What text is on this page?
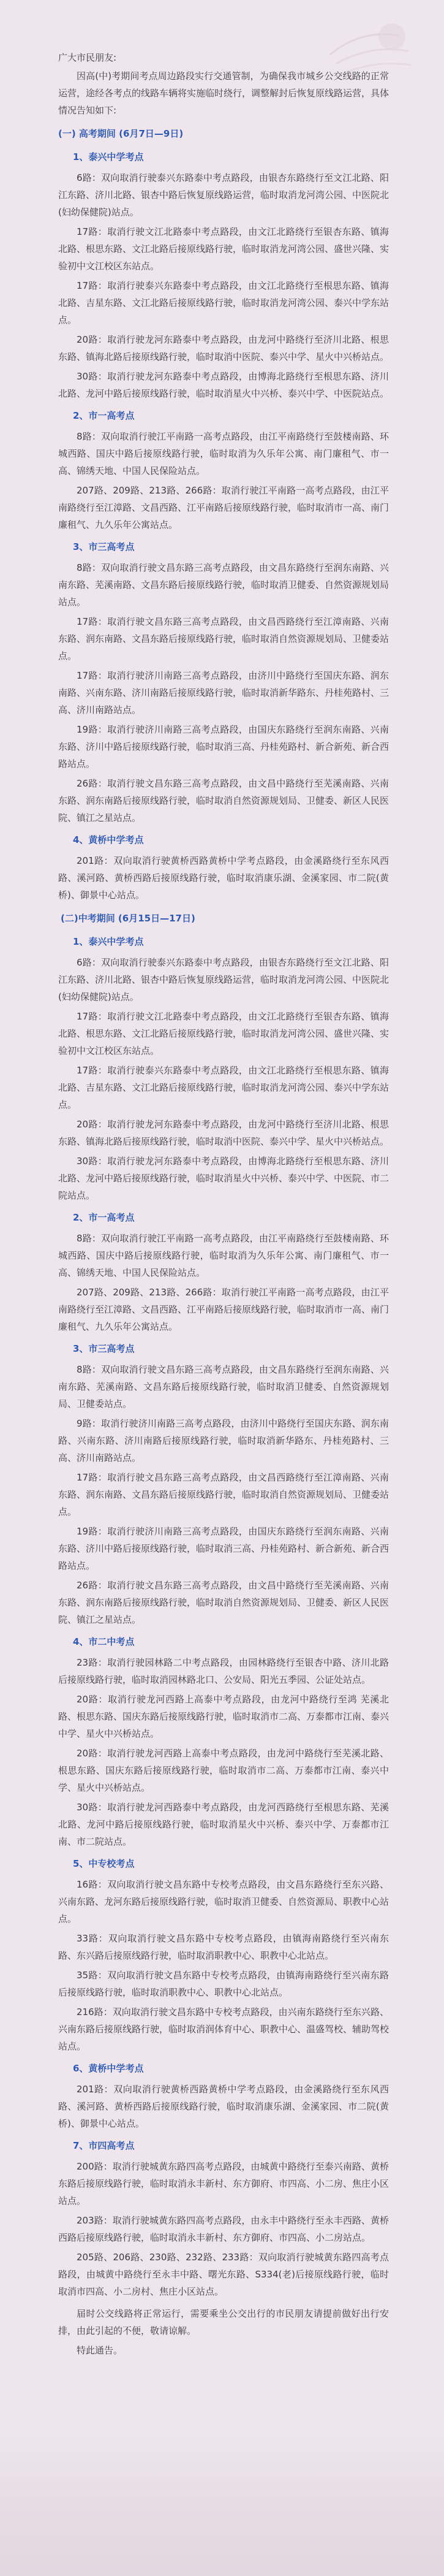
广大市民朋友:

因高(中)考期间考点周边路段实行交通管制，为确保我市城乡公交线路的正常运营，途经各考点的线路车辆将实施临时绕行，调整解封后恢复原线路运营，具体情况告知如下:

(一) 高考期间 (6月7日—9日)

1、泰兴中学考点

6路：双向取消行驶泰兴东路泰中考点路段，由银杏东路绕行至文江北路、阳江东路、济川北路、银杏中路后恢复原线路运营，临时取消龙河湾公园、中医院北(妇幼保健院)站点。

17路：取消行驶文江北路泰中考点路段，由文江北路绕行至银杏东路、镇海北路、根思东路、文江北路后接原线路行驶，临时取消龙河湾公园、盛世兴隆、实验初中文江校区东站点。

17路：取消行驶泰兴东路泰中考点路段，由文江北路绕行至根思东路、镇海北路、吉星东路、文江北路后接原线路行驶，临时取消龙河湾公园、泰兴中学东站点。

20路：取消行驶龙河东路泰中考点路段，由龙河中路绕行至济川北路、根思东路、镇海北路后接原线路行驶，临时取消中医院、泰兴中学、星火中兴桥站点。

30路：取消行驶龙河东路泰中考点路段，由博海北路绕行至根思东路、济川北路、龙河中路后接原线路行驶，临时取消星火中兴桥、泰兴中学、中医院站点。

2、市一高考点

8路：双向取消行驶江平南路一高考点路段，由江平南路绕行至鼓楼南路、环城西路、国庆中路后接原线路行驶，临时取消为久乐年公寓、南门廉租气、市一高、锦绣天地、中国人民保险站点。

207路、209路、213路、266路：取消行驶江平南路一高考点路段，由江平南路绕行至江漳路、文昌西路、江平南路后接原线路行驶，临时取消市一高、南门廉租气、九久乐年公寓站点。

3、市三高考点

8路：双向取消行驶文昌东路三高考点路段，由文昌东路绕行至润东南路、兴南东路、芜溪南路、文昌东路后接原线路行驶，临时取消卫健委、自然资源规划局站点。

17路：取消行驶文昌东路三高考点路段，由文昌西路绕行至江漳南路、兴南东路、润东南路、文昌东路后接原线路行驶，临时取消自然资源规划局、卫健委站点。

17路：取消行驶济川南路三高考点路段，由济川中路绕行至国庆东路、润东南路、兴南东路、济川南路后接原线路行驶，临时取消新华路东、丹桂苑路村、三高、济川南路站点。

19路：取消行驶济川南路三高考点路段，由国庆东路绕行至润东南路、兴南东路、济川中路后接原线路行驶，临时取消三高、丹桂苑路村、新合新苑、新合西路站点。

26路：取消行驶文昌东路三高考点路段，由文昌中路绕行至芜溪南路、兴南东路、润东南路后接原线路行驶，临时取消自然资源规划局、卫健委、新区人民医院、镇江之星站点。

4、黄桥中学考点

201路：双向取消行驶黄桥西路黄桥中学考点路段，由金溪路绕行至东风西路、溪河路、黄桥西路后接原线路行驶，临时取消康乐湖、金溪家园、市二院(黄桥)、御景中心站点。

(二)中考期间 (6月15日—17日)

1、泰兴中学考点

6路：双向取消行驶泰兴东路泰中考点路段，由银杏东路绕行至文江北路、阳江东路、济川北路、银杏中路后恢复原线路运营，临时取消龙河湾公园、中医院北(妇幼保健院)站点。

17路：取消行驶文江北路泰中考点路段，由文江北路绕行至银杏东路、镇海北路、根思东路、文江北路后接原线路行驶，临时取消龙河湾公园、盛世兴隆、实验初中文江校区东站点。

17路：取消行驶泰兴东路泰中考点路段，由文江北路绕行至根思东路、镇海北路、吉星东路、文江北路后接原线路行驶，临时取消龙河湾公园、泰兴中学东站点。

20路：取消行驶龙河东路泰中考点路段，由龙河中路绕行至济川北路、根思东路、镇海北路后接原线路行驶，临时取消中医院、泰兴中学、星火中兴桥站点。

30路：取消行驶龙河东路泰中考点路段，由博海北路绕行至根思东路、济川北路、龙河中路后接原线路行驶，临时取消星火中兴桥、泰兴中学、中医院、市二院站点。

2、市一高考点

8路：双向取消行驶江平南路一高考点路段，由江平南路绕行至鼓楼南路、环城西路、国庆中路后接原线路行驶，临时取消为久乐年公寓、南门廉租气、市一高、锦绣天地、中国人民保险站点。

207路、209路、213路、266路：取消行驶江平南路一高考点路段，由江平南路绕行至江漳路、文昌西路、江平南路后接原线路行驶，临时取消市一高、南门廉租气、九久乐年公寓站点。

3、市三高考点

8路：双向取消行驶文昌东路三高考点路段，由文昌东路绕行至润东南路、兴南东路、芜溪南路、文昌东路后接原线路行驶，临时取消卫健委、自然资源规划局、卫健委站点。

9路：取消行驶济川南路三高考点路段，由济川中路绕行至国庆东路、润东南路、兴南东路、济川南路后接原线路行驶，临时取消新华路东、丹桂苑路村、三高、济川南路站点。

17路：取消行驶文昌东路三高考点路段，由文昌西路绕行至江漳南路、兴南东路、润东南路、文昌东路后接原线路行驶，临时取消自然资源规划局、卫健委站点。

19路：取消行驶济川南路三高考点路段，由国庆东路绕行至润东南路、兴南东路、济川中路后接原线路行驶，临时取消三高、丹桂苑路村、新合新苑、新合西路站点。

26路：取消行驶文昌东路三高考点路段，由文昌中路绕行至芜溪南路、兴南东路、润东南路后接原线路行驶，临时取消自然资源规划局、卫健委、新区人民医院、镇江之星站点。

4、市二中考点

23路：取消行驶园林路二中考点路段，由园林路绕行至银杏中路、济川北路后接原线路行驶，临时取消园林路北口、公安局、阳光五季园、公证处站点。

20路：取消行驶龙河西路上高泰中考点路段，由龙河中路绕行至鸿 芜溪北路、根思东路、国庆东路后接原线路行驶，临时取消市二高、万泰都市江南、泰兴中学、星火中兴桥站点。

20路：取消行驶龙河西路上高泰中考点路段，由龙河中路绕行至芜溪北路、根思东路、国庆东路后接原线路行驶，临时取消市二高、万泰都市江南、泰兴中学、星火中兴桥站点。

30路：取消行驶龙河西路泰中考点路段，由龙河西路绕行至根思东路、芜溪北路、龙河中路后接原线路行驶，临时取消星火中兴桥、泰兴中学、万泰都市江南、市二院站点。

5、中专校考点

16路：双向取消行驶文昌东路中专校考点路段，由文昌东路绕行至东兴路、兴南东路、龙河东路后接原线路行驶，临时取消卫健委、自然资源局、职教中心站点。

33路：双向取消行驶文昌东路中专校考点路段，由镇海南路绕行至兴南东路、东兴路后接原线路行驶，临时取消职教中心、职教中心北站点。

35路：双向取消行驶文昌东路中专校考点路段，由镇海南路绕行至兴南东路后接原线路行驶，临时取消职教中心、职教中心北站点。

216路：双向取消行驶文昌东路中专校考点路段，由兴南东路绕行至东兴路、兴南东路后接原线路行驶，临时取消润体育中心、职教中心、温盛驾校、辅助驾校站点。

6、黄桥中学考点

201路：双向取消行驶黄桥西路黄桥中学考点路段，由金溪路绕行至东风西路、溪河路、黄桥西路后接原线路行驶，临时取消康乐湖、金溪家园、市二院(黄桥)、御景中心站点。

7、市四高考点

200路：取消行驶城黄东路四高考点路段，由城黄中路绕行至泰兴南路、黄桥东路后接原线路行驶，临时取消永丰新村、东方御府、市四高、小二房、焦庄小区站点。

203路：取消行驶城黄东路四高考点路段，由永丰中路绕行至永丰西路、黄桥西路后接原线路行驶，临时取消永丰新村、东方御府、市四高、小二房站点。

205路、206路、230路、232路、233路：双向取消行驶城黄东路四高考点路段，由城黄中路绕行至永丰中路、曙光东路、S334(老)后接原线路行驶，临时取消市四高、小二房村、焦庄小区站点。

届时公交线路将正常运行，需要乘坐公交出行的市民朋友请提前做好出行安排，由此引起的不便，敬请谅解。

特此通告。
